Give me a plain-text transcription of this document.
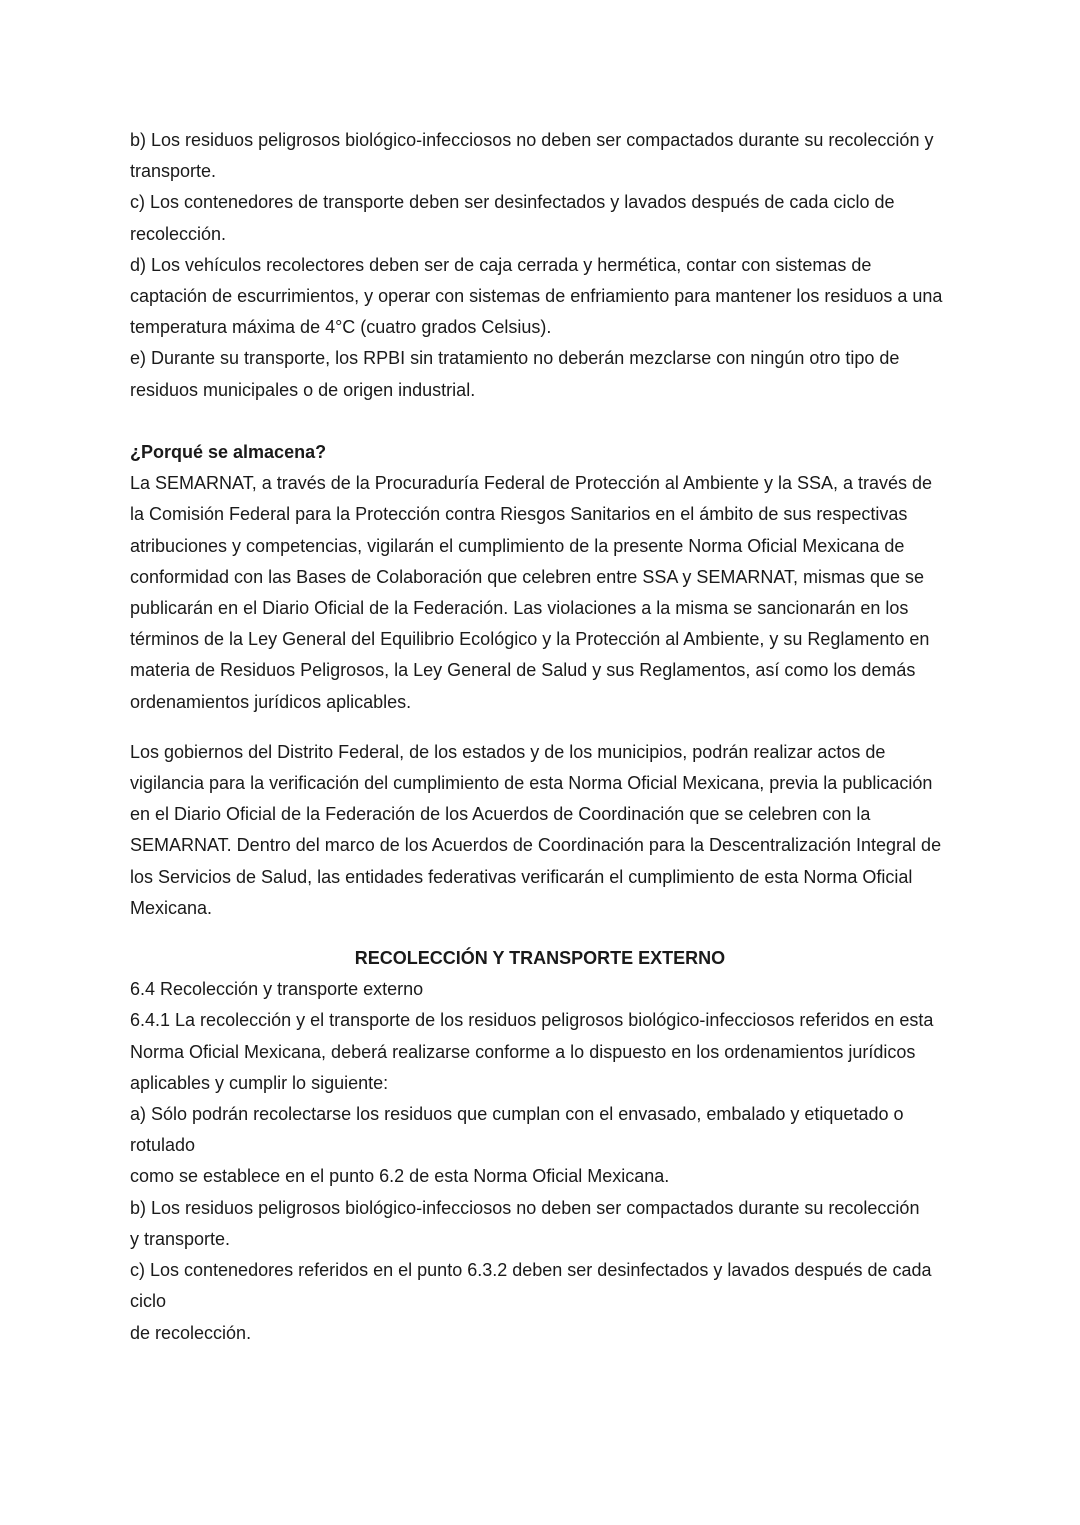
b) Los residuos peligrosos biológico-infecciosos no deben ser compactados durante su recolección y
transporte.
c) Los contenedores de transporte deben ser desinfectados y lavados después de cada ciclo de
recolección.
d) Los vehículos recolectores deben ser de caja cerrada y hermética, contar con sistemas de
captación de escurrimientos, y operar con sistemas de enfriamiento para mantener los residuos a una
temperatura máxima de 4°C (cuatro grados Celsius).
e) Durante su transporte, los RPBI sin tratamiento no deberán mezclarse con ningún otro tipo de
residuos municipales o de origen industrial.
¿Porqué se almacena?
La SEMARNAT, a través de la Procuraduría Federal de Protección al Ambiente y la SSA, a través de
la Comisión Federal para la Protección contra Riesgos Sanitarios en el ámbito de sus respectivas
atribuciones y competencias, vigilarán el cumplimiento de la presente Norma Oficial Mexicana de
conformidad con las Bases de Colaboración que celebren entre SSA y SEMARNAT, mismas que se
publicarán en el Diario Oficial de la Federación. Las violaciones a la misma se sancionarán en los
términos de la Ley General del Equilibrio Ecológico y la Protección al Ambiente, y su Reglamento en
materia de Residuos Peligrosos, la Ley General de Salud y sus Reglamentos, así como los demás
ordenamientos jurídicos aplicables.
Los gobiernos del Distrito Federal, de los estados y de los municipios, podrán realizar actos de
vigilancia para la verificación del cumplimiento de esta Norma Oficial Mexicana, previa la publicación
en el Diario Oficial de la Federación de los Acuerdos de Coordinación que se celebren con la
SEMARNAT. Dentro del marco de los Acuerdos de Coordinación para la Descentralización Integral de
los Servicios de Salud, las entidades federativas verificarán el cumplimiento de esta Norma Oficial
Mexicana.
RECOLECCIÓN Y TRANSPORTE EXTERNO
6.4 Recolección y transporte externo
6.4.1 La recolección y el transporte de los residuos peligrosos biológico-infecciosos referidos en esta
Norma Oficial Mexicana, deberá realizarse conforme a lo dispuesto en los ordenamientos jurídicos
aplicables y cumplir lo siguiente:
a) Sólo podrán recolectarse los residuos que cumplan con el envasado, embalado y etiquetado o
rotulado
como se establece en el punto 6.2 de esta Norma Oficial Mexicana.
b) Los residuos peligrosos biológico-infecciosos no deben ser compactados durante su recolección
y transporte.
c) Los contenedores referidos en el punto 6.3.2 deben ser desinfectados y lavados después de cada
ciclo
de recolección.
